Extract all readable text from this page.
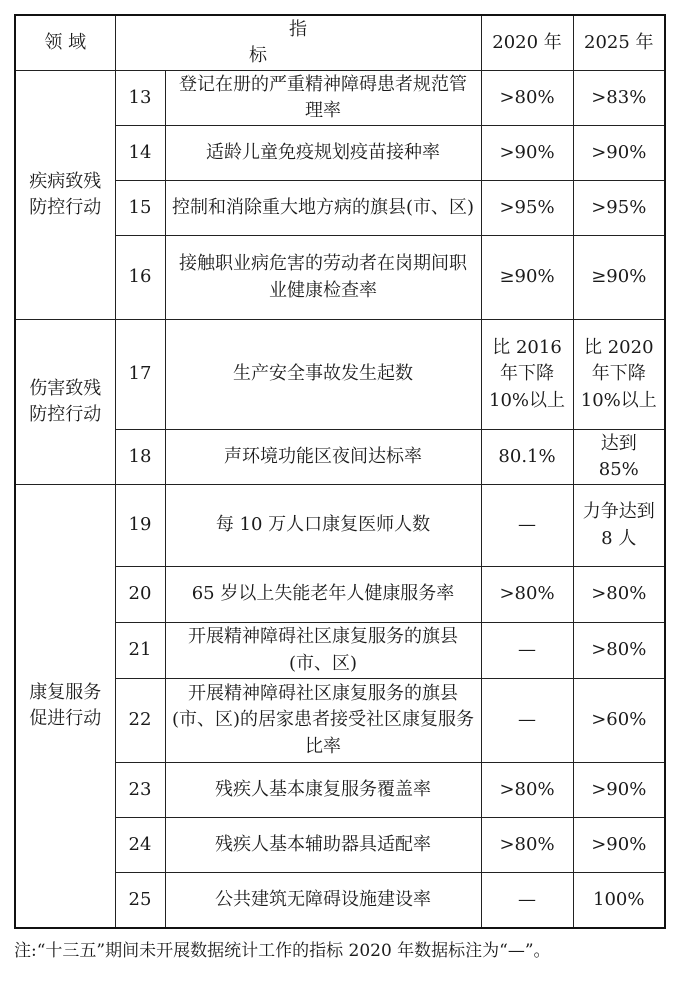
领 域	指 标		2020 年	2025 年
疾病致残
防控行动	13	登记在册的严重精神障碍患者规范管理率	>80%	>83%
	14	适龄儿童免疫规划疫苗接种率	>90%	>90%
	15	控制和消除重大地方病的旗县(市、区)	>95%	>95%
	16	接触职业病危害的劳动者在岗期间职业健康检查率	≥90%	≥90%
伤害致残
防控行动	17	生产安全事故发生起数	比 2016 年下降 10%以上	比 2020 年下降 10%以上
	18	声环境功能区夜间达标率	80.1%	达到 85%
康复服务
促进行动	19	每 10 万人口康复医师人数	—	力争达到 8 人
	20	65 岁以上失能老年人健康服务率	>80%	>80%
	21	开展精神障碍社区康复服务的旗县(市、区)	—	>80%
	22	开展精神障碍社区康复服务的旗县(市、区)的居家患者接受社区康复服务比率	—	>60%
	23	残疾人基本康复服务覆盖率	>80%	>90%
	24	残疾人基本辅助器具适配率	>80%	>90%
	25	公共建筑无障碍设施建设率	—	100%
注:“十三五”期间未开展数据统计工作的指标 2020 年数据标注为“—”。
